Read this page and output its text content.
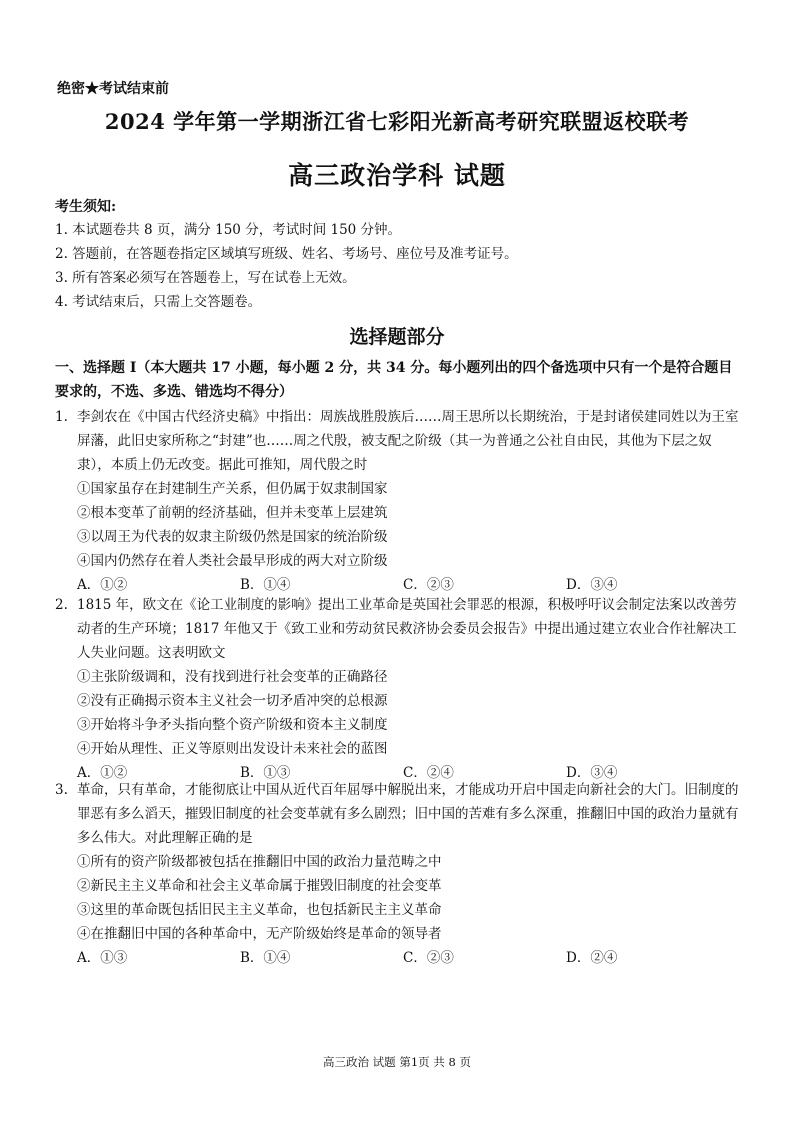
绝密★考试结束前
2024 学年第一学期浙江省七彩阳光新高考研究联盟返校联考
高三政治学科 试题
考生须知:
1. 本试题卷共 8 页，满分 150 分，考试时间 150 分钟。
2. 答题前，在答题卷指定区域填写班级、姓名、考场号、座位号及准考证号。
3. 所有答案必须写在答题卷上，写在试卷上无效。
4. 考试结束后，只需上交答题卷。
选择题部分
一、选择题 I（本大题共 17 小题，每小题 2 分，共 34 分。每小题列出的四个备选项中只有一个是符合题目要求的，不选、多选、错选均不得分）
1. 李剑农在《中国古代经济史稿》中指出：周族战胜殷族后……周王思所以长期统治，于是封诸侯建同姓以为王室屏藩，此旧史家所称之“封建”也……周之代殷，被支配之阶级（其一为普通之公社自由民，其他为下层之奴隶），本质上仍无改变。据此可推知，周代殷之时
①国家虽存在封建制生产关系，但仍属于奴隶制国家
②根本变革了前朝的经济基础，但并未变革上层建筑
③以周王为代表的奴隶主阶级仍然是国家的统治阶级
④国内仍然存在着人类社会最早形成的两大对立阶级
A．①②	B．①④	C．②③	D．③④
2. 1815 年，欧文在《论工业制度的影响》提出工业革命是英国社会罪恶的根源，积极呼吁议会制定法案以改善劳动者的生产环境；1817 年他又于《致工业和劳动贫民救济协会委员会报告》中提出通过建立农业合作社解决工人失业问题。这表明欧文
①主张阶级调和，没有找到进行社会变革的正确路径
②没有正确揭示资本主义社会一切矛盾冲突的总根源
③开始将斗争矛头指向整个资产阶级和资本主义制度
④开始从理性、正义等原则出发设计未来社会的蓝图
A．①②	B．①③	C．②④	D．③④
3. 革命，只有革命，才能彻底让中国从近代百年屈辱中解脱出来，才能成功开启中国走向新社会的大门。旧制度的罪恶有多么滔天，摧毁旧制度的社会变革就有多么剧烈；旧中国的苦难有多么深重，推翻旧中国的政治力量就有多么伟大。对此理解正确的是
①所有的资产阶级都被包括在推翻旧中国的政治力量范畴之中
②新民主主义革命和社会主义革命属于摧毁旧制度的社会变革
③这里的革命既包括旧民主主义革命，也包括新民主主义革命
④在推翻旧中国的各种革命中，无产阶级始终是革命的领导者
A．①③	B．①④	C．②③	D．②④
高三政治 试题 第1页 共 8 页
